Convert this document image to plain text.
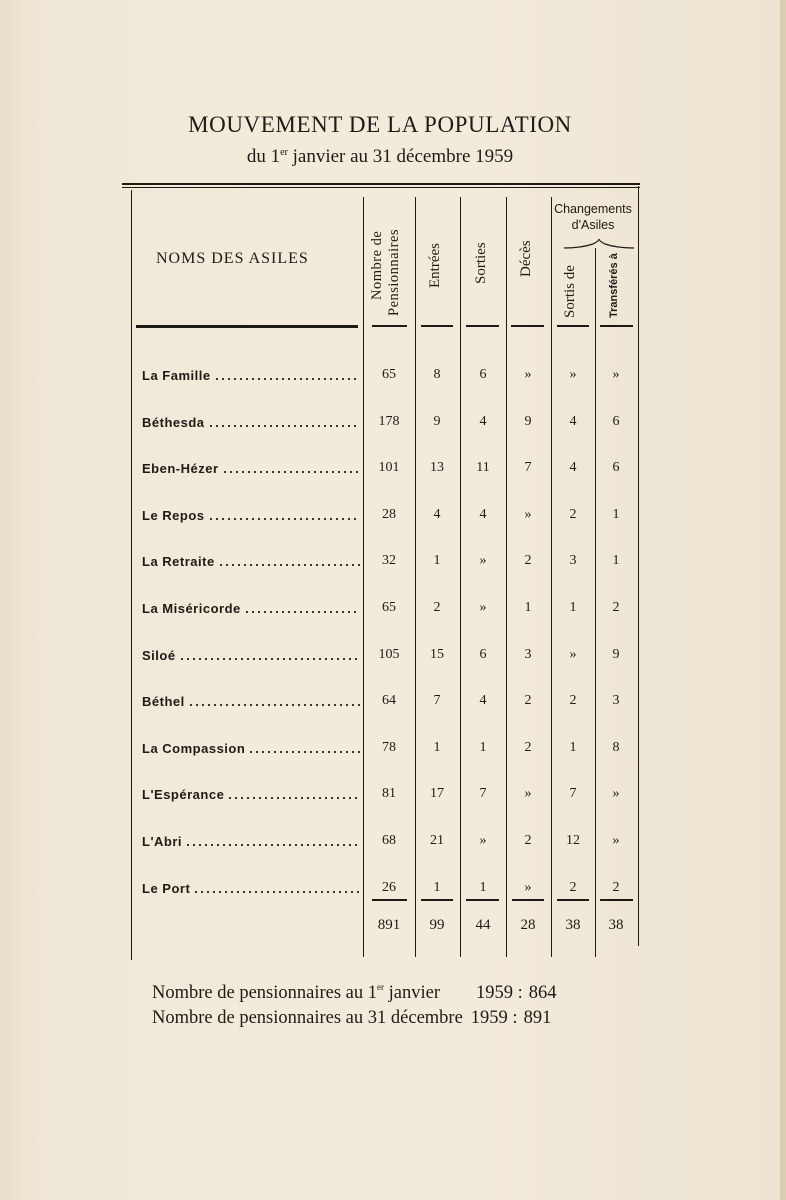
MOUVEMENT DE LA POPULATION
du 1er janvier au 31 décembre 1959
NOMS DES ASILES	Nombre de Pensionnaires Entrées Sorties Décès
Changements
d'Asiles
Sortis de	Transférés à
La Famille	65	8	6	»	»	»
Béthesda	178	9	4	9	4	6
Eben-Hézer	101	13	11	7	4	6
Le Repos	28	4	4	»	2	1
La Retraite	32	1	»	2	3	1
La Miséricorde	65	2	»	1	1	2
Siloé	105	15	6	3	»	9
Béthel	64	7	4	2	2	3
La Compassion	78	1	1	2	1	8
L'Espérance	81	17	7	»	7	»
L'Abri	68	21	»	2	12	»
Le Port	26	1	1	»	2	2
891	99	44	28	38	38
Nombre de pensionnaires au 1er janvier 1959 : 864
Nombre de pensionnaires au 31 décembre 1959 : 891
